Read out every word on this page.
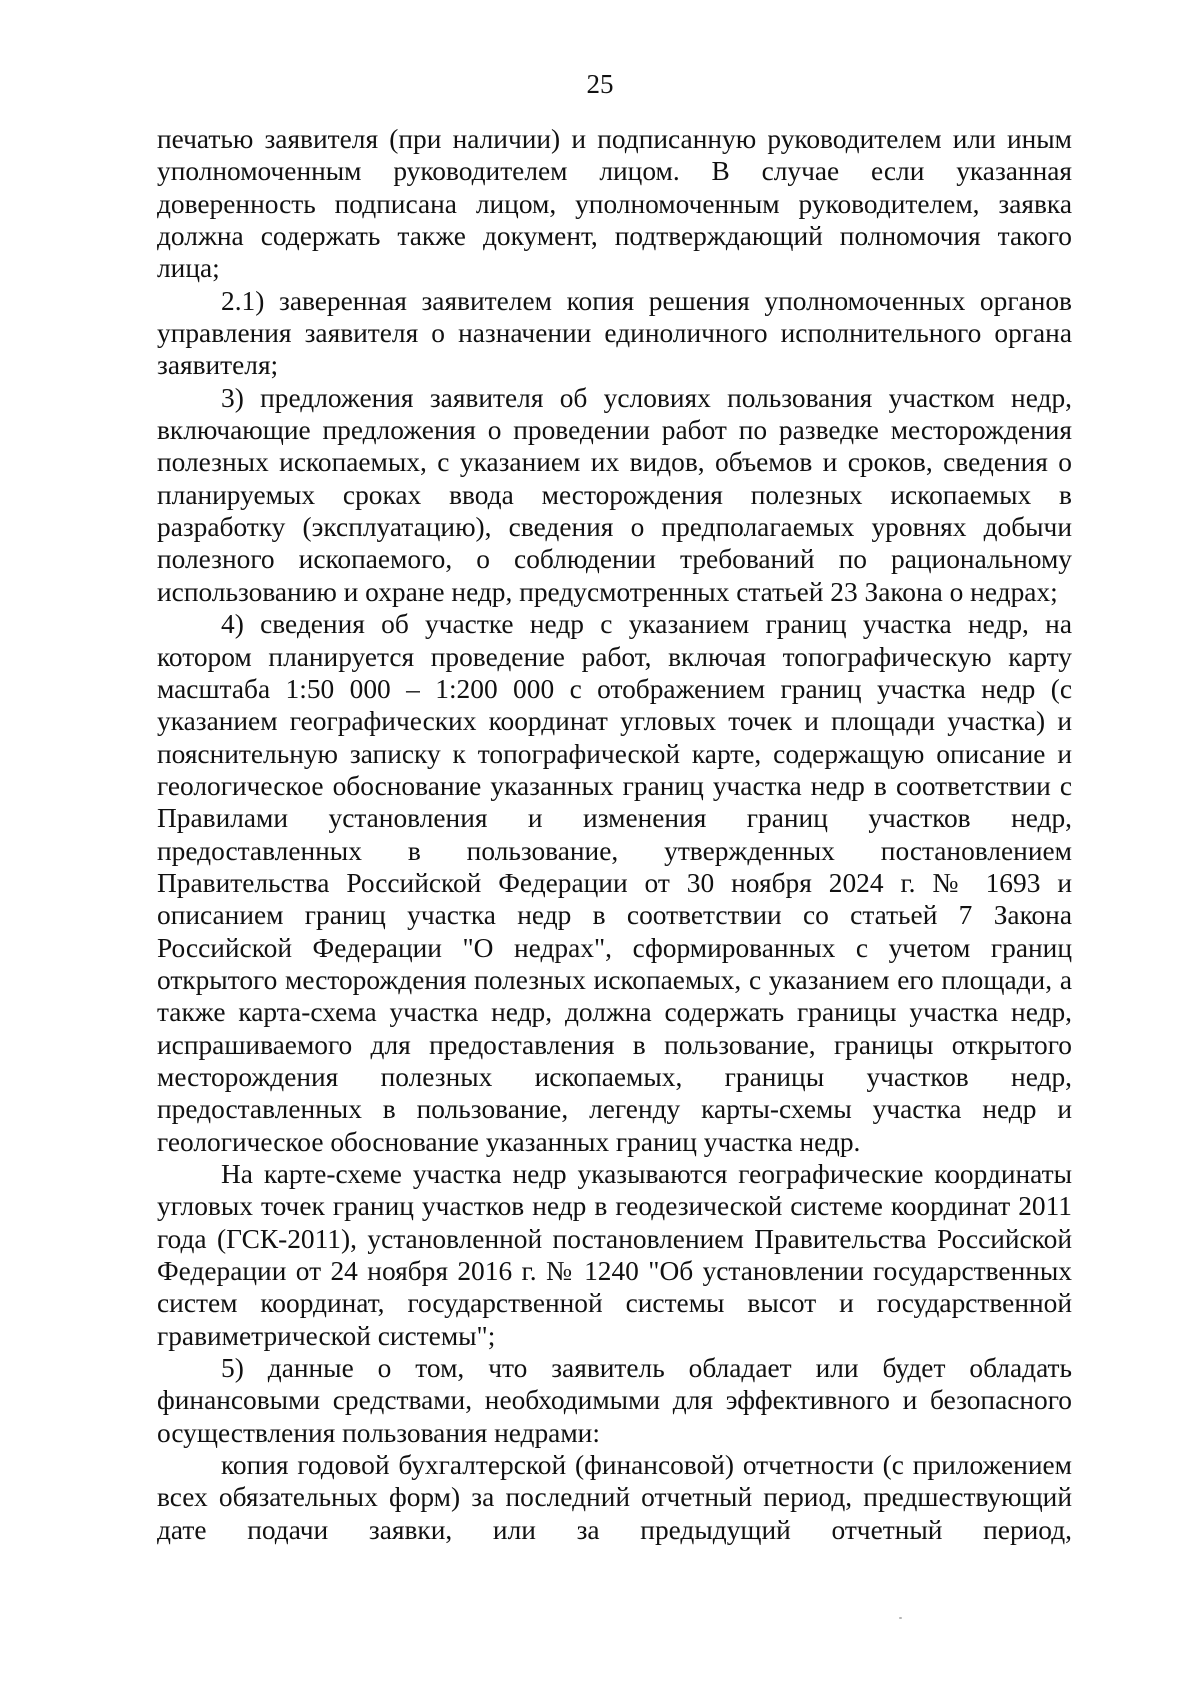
25

печатью заявителя (при наличии) и подписанную руководителем или иным уполномоченным руководителем лицом. В случае если указанная доверенность подписана лицом, уполномоченным руководителем, заявка должна содержать также документ, подтверждающий полномочия такого лица;

2.1) заверенная заявителем копия решения уполномоченных органов управления заявителя о назначении единоличного исполнительного органа заявителя;

3) предложения заявителя об условиях пользования участком недр, включающие предложения о проведении работ по разведке месторождения полезных ископаемых, с указанием их видов, объемов и сроков, сведения о планируемых сроках ввода месторождения полезных ископаемых в разработку (эксплуатацию), сведения о предполагаемых уровнях добычи полезного ископаемого, о соблюдении требований по рациональному использованию и охране недр, предусмотренных статьей 23 Закона о недрах;

4) сведения об участке недр с указанием границ участка недр, на котором планируется проведение работ, включая топографическую карту масштаба 1:50 000 – 1:200 000 с отображением границ участка недр (с указанием географических координат угловых точек и площади участка) и пояснительную записку к топографической карте, содержащую описание и геологическое обоснование указанных границ участка недр в соответствии с Правилами установления и изменения границ участков недр, предоставленных в пользование, утвержденных постановлением Правительства Российской Федерации от 30 ноября 2024 г. № 1693 и описанием границ участка недр в соответствии со статьей 7 Закона Российской Федерации "О недрах", сформированных с учетом границ открытого месторождения полезных ископаемых, с указанием его площади, а также карта-схема участка недр, должна содержать границы участка недр, испрашиваемого для предоставления в пользование, границы открытого месторождения полезных ископаемых, границы участков недр, предоставленных в пользование, легенду карты-схемы участка недр и геологическое обоснование указанных границ участка недр.

На карте-схеме участка недр указываются географические координаты угловых точек границ участков недр в геодезической системе координат 2011 года (ГСК-2011), установленной постановлением Правительства Российской Федерации от 24 ноября 2016 г. № 1240 "Об установлении государственных систем координат, государственной системы высот и государственной гравиметрической системы";

5) данные о том, что заявитель обладает или будет обладать финансовыми средствами, необходимыми для эффективного и безопасного осуществления пользования недрами:

копия годовой бухгалтерской (финансовой) отчетности (с приложением всех обязательных форм) за последний отчетный период, предшествующий дате подачи заявки, или за предыдущий отчетный период,
